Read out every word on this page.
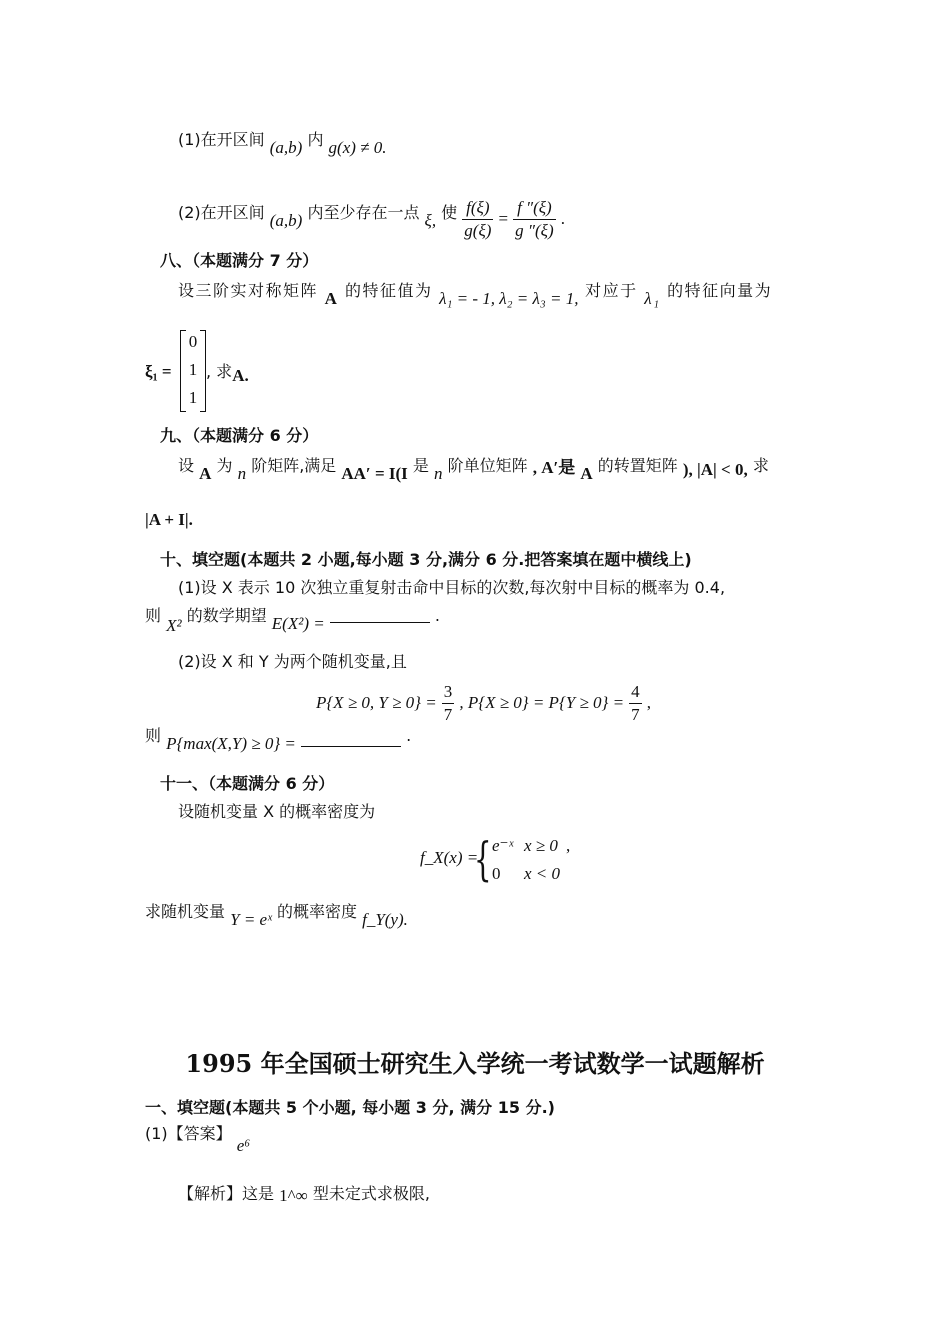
(1)在开区间 (a,b) 内 g(x) ≠ 0.
(2)在开区间 (a,b) 内至少存在一点 ξ, 使 $\frac{f(\xi)}{g(\xi)} = \frac{f ''(\xi)}{g ''(\xi)}$ .
八、（本题满分 7 分）
设三阶实对称矩阵 A 的特征值为 λ₁ = - 1, λ₂ = λ₃ = 1, 对应于 λ₁ 的特征向量为
ξ₁ =
0
1
1
, 求A.
九、（本题满分 6 分）
设 A 为 n 阶矩阵,满足 AA′ = I(I 是 n 阶单位矩阵 , A′是 A 的转置矩阵 ), |A| < 0, 求
|A + I|.
十、填空题(本题共 2 小题,每小题 3 分,满分 6 分.把答案填在题中横线上)
(1)设 X 表示 10 次独立重复射击命中目标的次数,每次射中目标的概率为 0.4,
则 X² 的数学期望 E(X²) =	.
(2)设 X 和 Y 为两个随机变量,且
P{X ≥ 0, $Y \ge 0\} = \frac{3}{7}$ , $P\{X \ge 0\} = P\{Y \ge 0\} = \frac{4}{7}$ ,
则 P{max(X,Y) ≥ 0} =	.
十一、（本题满分 6 分）
设随机变量 X 的概率密度为
f_X(x) =
{ e⁻ˣ x ≥ 0 ,
0 x < 0
求随机变量 Y = eˣ 的概率密度 f_Y(y).
1995 年全国硕士研究生入学统一考试数学一试题解析
一、填空题(本题共 5 个小题, 每小题 3 分, 满分 15 分.)
(1)【答案】 e⁶
【解析】这是 1^∞ 型未定式求极限,
